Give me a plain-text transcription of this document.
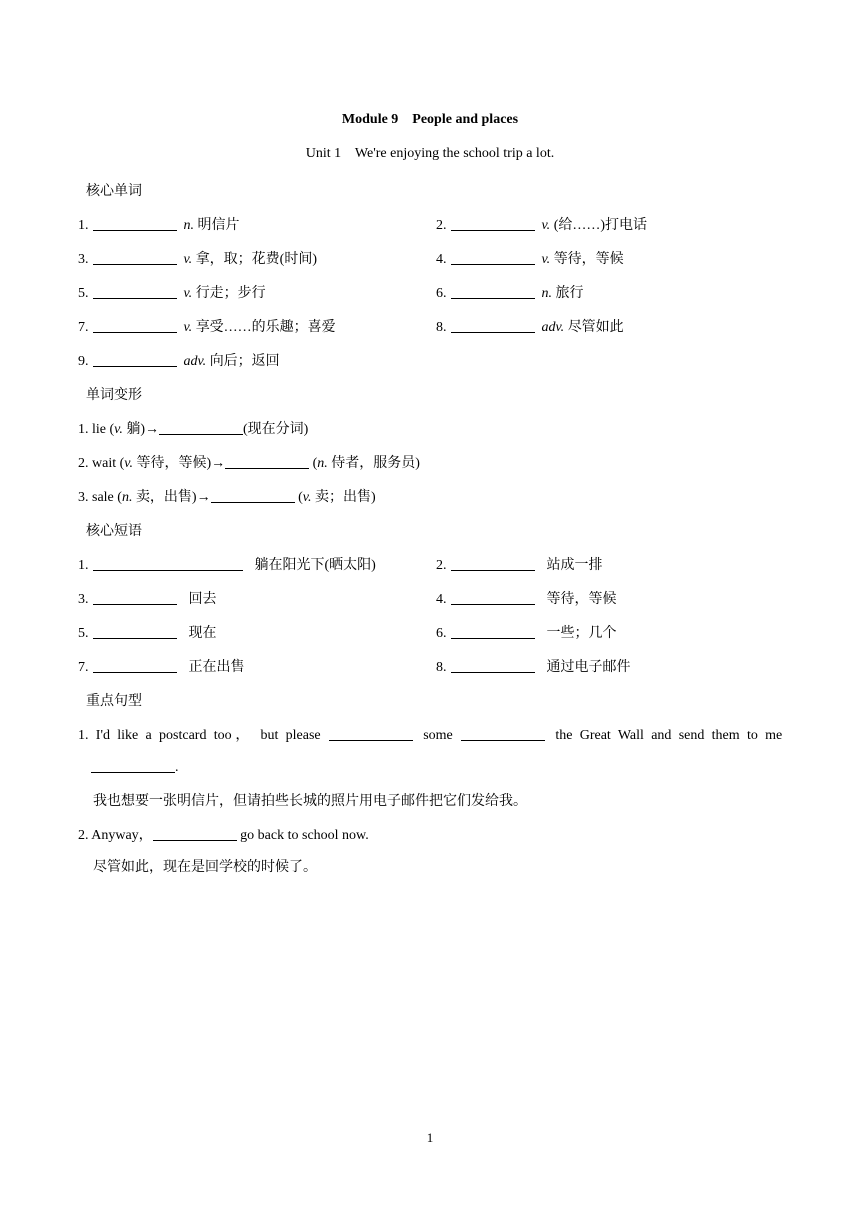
Module 9    People and places
Unit 1    We're enjoying the school trip a lot.
核心单词
1.	n. 明信片	2.	v. (给……)打电话
3.	v. 拿，取；花费(时间)	4.	v. 等待，等候
5.	v. 行走；步行	6.	n. 旅行
7.	v. 享受……的乐趣；喜爱	8.	adv. 尽管如此
9.	adv. 向后；返回
单词变形
1. lie (v. 躺)→	(现在分词)
2. wait (v. 等待，等候)→	(n. 侍者，服务员)
3. sale (n. 卖，出售)→	(v. 卖；出售)
核心短语
1.	躺在阳光下(晒太阳)	2.	站成一排
3.	回去	4.	等待，等候
5.	现在	6.	一些；几个
7.	正在出售	8.	通过电子邮件
重点句型
1. I'd like a postcard too， but please	some	the Great Wall and send them to me
.
我也想要一张明信片，但请拍些长城的照片用电子邮件把它们发给我。
2. Anyway，	go back to school now.
尽管如此，现在是回学校的时候了。
1
